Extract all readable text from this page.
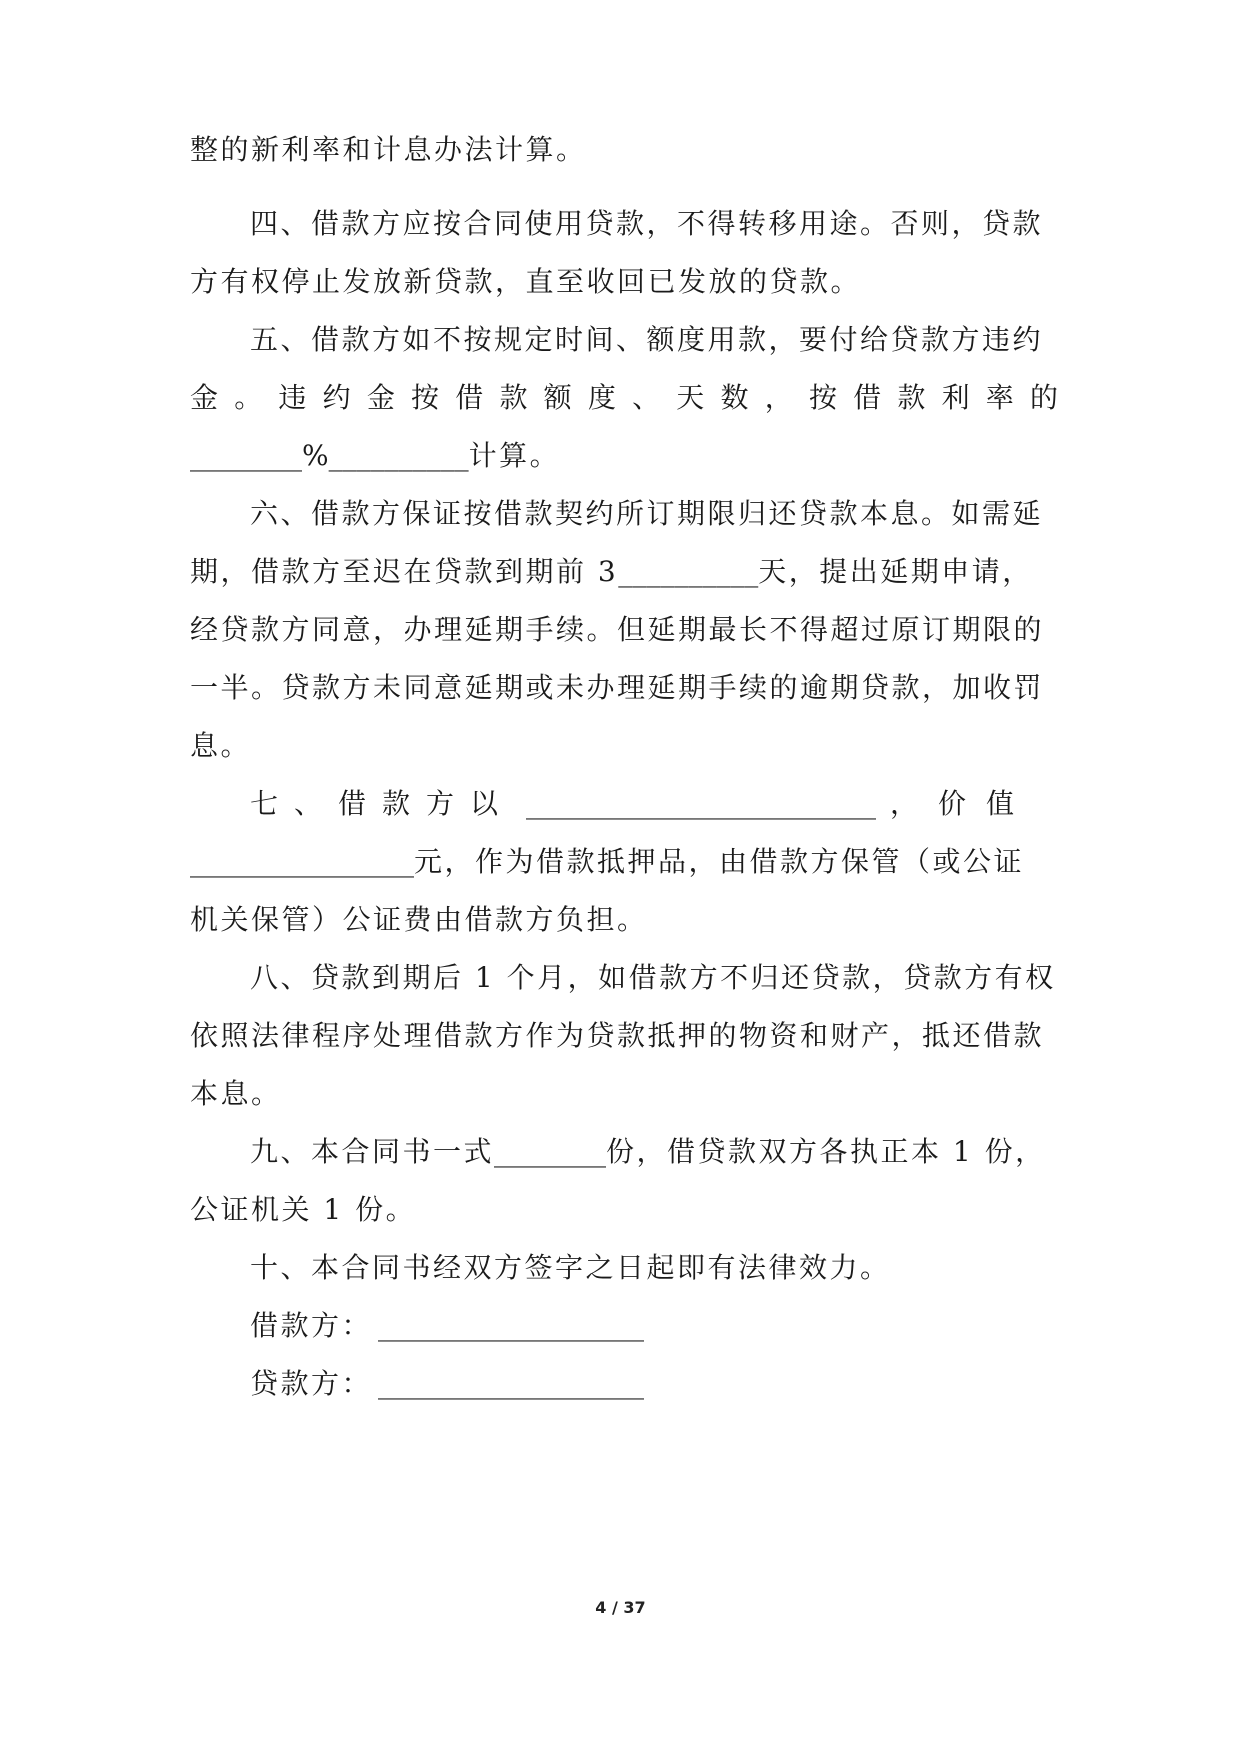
整的新利率和计息办法计算。
四、借款方应按合同使用贷款，不得转移用途。否则，贷款
方有权停止发放新贷款，直至收回已发放的贷款。
五、借款方如不按规定时间、额度用款，要付给贷款方违约
金。违约金按借款额度、天数，按借款利率的
________%__________计算。
六、借款方保证按借款契约所订期限归还贷款本息。如需延
期，借款方至迟在贷款到期前 3__________天，提出延期申请，
经贷款方同意，办理延期手续。但延期最长不得超过原订期限的
一半。贷款方未同意延期或未办理延期手续的逾期贷款，加收罚
息。
七、借款方以 _________________________ ，价值
________________元，作为借款抵押品，由借款方保管（或公证
机关保管）公证费由借款方负担。
八、贷款到期后 1 个月，如借款方不归还贷款，贷款方有权
依照法律程序处理借款方作为贷款抵押的物资和财产，抵还借款
本息。
九、本合同书一式________份，借贷款双方各执正本 1 份，
公证机关 1 份。
十、本合同书经双方签字之日起即有法律效力。
借款方： ___________________
贷款方： ___________________
4 / 37
